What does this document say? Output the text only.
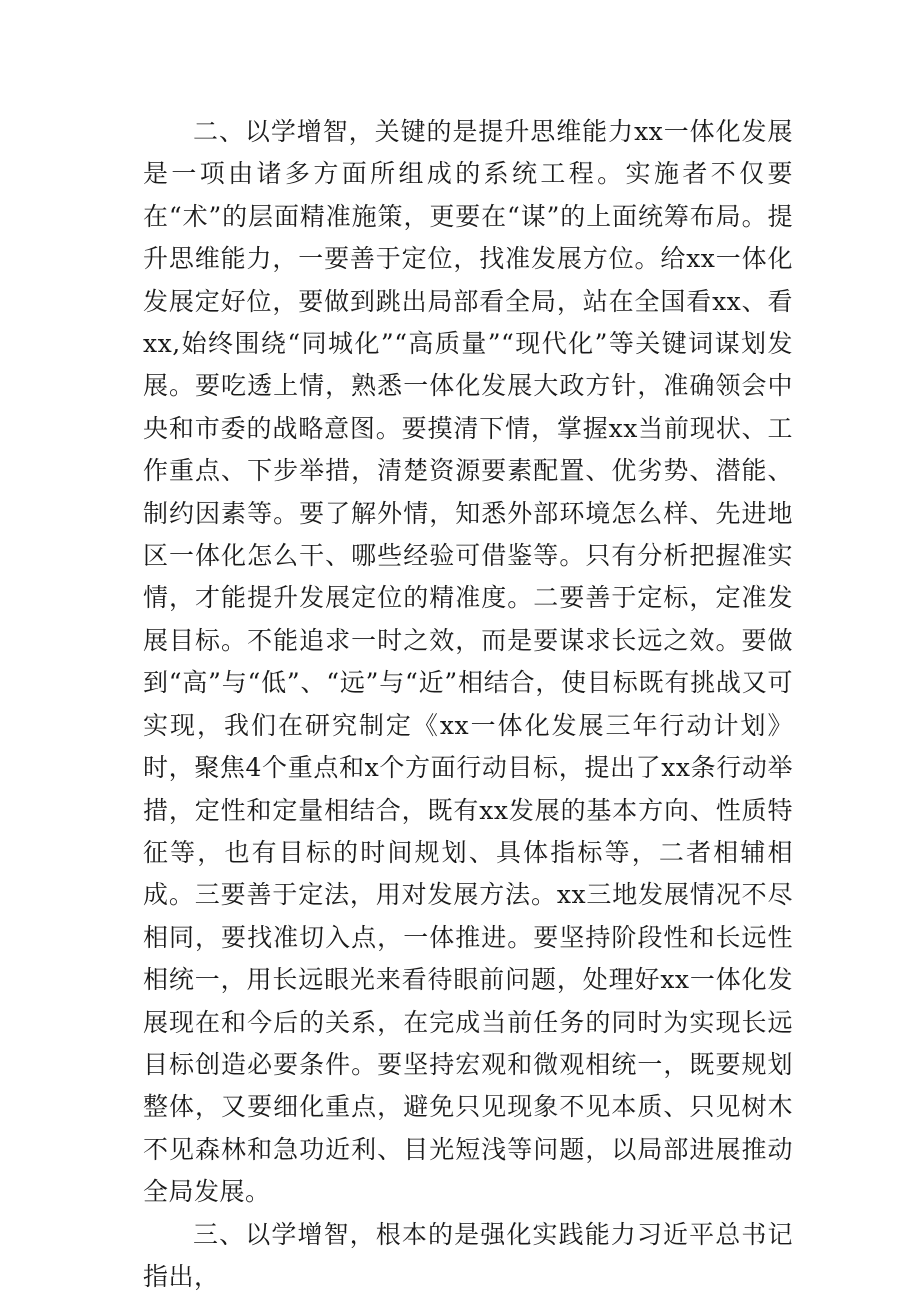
二、以学增智，关键的是提升思维能力xx一体化发展是一项由诸多方面所组成的系统工程。实施者不仅要在“术”的层面精准施策，更要在“谋”的上面统筹布局。提升思维能力，一要善于定位，找准发展方位。给xx一体化发展定好位，要做到跳出局部看全局，站在全国看xx、看xx,始终围绕“同城化”“高质量”“现代化”等关键词谋划发展。要吃透上情，熟悉一体化发展大政方针，准确领会中央和市委的战略意图。要摸清下情，掌握xx当前现状、工作重点、下步举措，清楚资源要素配置、优劣势、潜能、制约因素等。要了解外情，知悉外部环境怎么样、先进地区一体化怎么干、哪些经验可借鉴等。只有分析把握准实情，才能提升发展定位的精准度。二要善于定标，定准发展目标。不能追求一时之效，而是要谋求长远之效。要做到“高”与“低”、“远”与“近”相结合，使目标既有挑战又可实现，我们在研究制定《xx一体化发展三年行动计划》时，聚焦4个重点和x个方面行动目标，提出了xx条行动举措，定性和定量相结合，既有xx发展的基本方向、性质特征等，也有目标的时间规划、具体指标等，二者相辅相成。三要善于定法，用对发展方法。xx三地发展情况不尽相同，要找准切入点，一体推进。要坚持阶段性和长远性相统一，用长远眼光来看待眼前问题，处理好xx一体化发展现在和今后的关系，在完成当前任务的同时为实现长远目标创造必要条件。要坚持宏观和微观相统一，既要规划整体，又要细化重点，避免只见现象不见本质、只见树木不见森林和急功近利、目光短浅等问题，以局部进展推动全局发展。

三、以学增智，根本的是强化实践能力习近平总书记指出，
